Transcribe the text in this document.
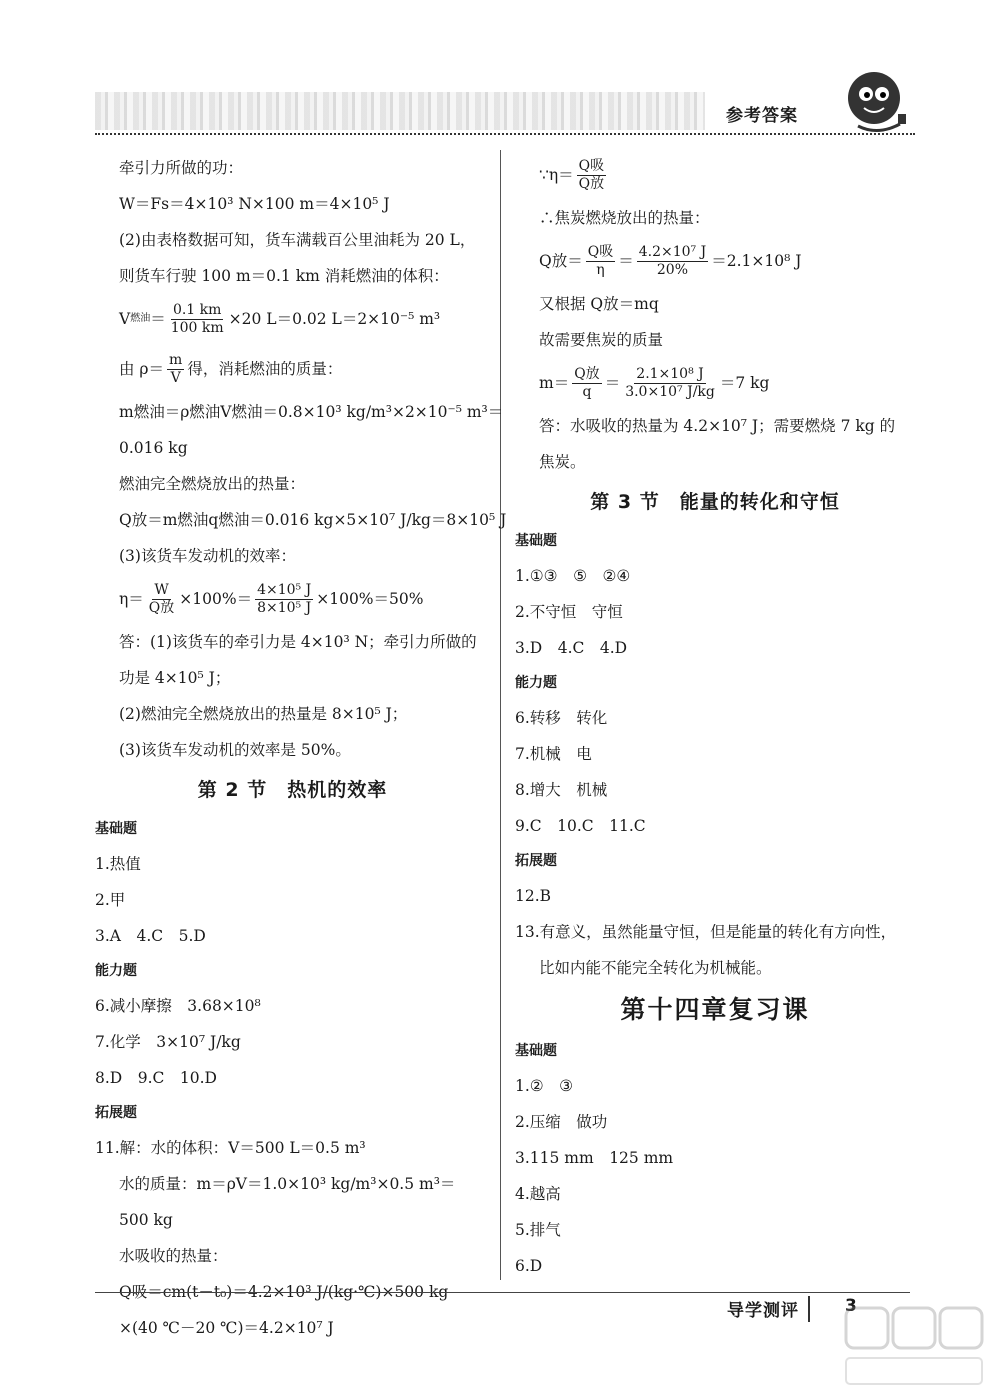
参考答案
牵引力所做的功：
W＝Fs＝4×10³ N×100 m＝4×10⁵ J
(2)由表格数据可知，货车满载百公里油耗为 20 L，
则货车行驶 100 m＝0.1 km 消耗燃油的体积：
V 燃油 ＝ $\frac{0.1 km}{100 km} \times 20$ L＝0.02 L＝2×10⁻⁵ m³
由 $\rho= \frac{m}{V}$ 得，消耗燃油的质量：
m燃油＝ρ燃油V燃油＝0.8×10³ kg/m³×2×10⁻⁵ m³＝
0.016 kg
燃油完全燃烧放出的热量：
Q放＝m燃油q燃油＝0.016 kg×5×10⁷ J/kg＝8×10⁵ J
(3)该货车发动机的效率：
$\eta= \frac{W}{\text{Q放}} \times 100\%= \frac{\text{4×10⁵ J}}{\text{8×10⁵ J}} \times 100\%=50\%$
答：(1)该货车的牵引力是 4×10³ N；牵引力所做的
功是 4×10⁵ J；
(2)燃油完全燃烧放出的热量是 8×10⁵ J；
(3)该货车发动机的效率是 50%。
第 2 节　热机的效率
基础题
1.热值
2.甲
3.A　4.C　5.D
能力题
6.减小摩擦　3.68×10⁸
7.化学　3×10⁷ J/kg
8.D　9.C　10.D
拓展题
11.解：水的体积：V＝500 L＝0.5 m³
水的质量：m＝ρV＝1.0×10³ kg/m³×0.5 m³＝
500 kg
水吸收的热量：
Q吸＝cm(t－t₀)＝4.2×10³ J/(kg·℃)×500 kg
×(40 ℃－20 ℃)＝4.2×10⁷ J
∵η＝ $\frac{\text{Q吸}}{\text{Q放}}$
∴焦炭燃烧放出的热量：
Q放＝ $\frac{\text{Q吸}}{\eta} = \frac{\text{4.2×10⁷ J}}{20\%} =2.1\times 10^8$ J
又根据 Q放＝mq
故需要焦炭的质量
$m= \frac{\text{Q放}}{q} = \frac{\text{2.1×10⁸ J}}{\text{3.0×10⁷ J/kg}} =7$ kg
答：水吸收的热量为 4.2×10⁷ J；需要燃烧 7 kg 的
焦炭。
第 3 节　能量的转化和守恒
基础题
1.①③　⑤　②④
2.不守恒　守恒
3.D　4.C　4.D
能力题
6.转移　转化
7.机械　电
8.增大　机械
9.C　10.C　11.C
拓展题
12.B
13.有意义，虽然能量守恒，但是能量的转化有方向性，
比如内能不能完全转化为机械能。
第十四章复习课
基础题
1.②　③
2.压缩　做功
3.115 mm　125 mm
4.越高
5.排气
6.D
导学测评	3
